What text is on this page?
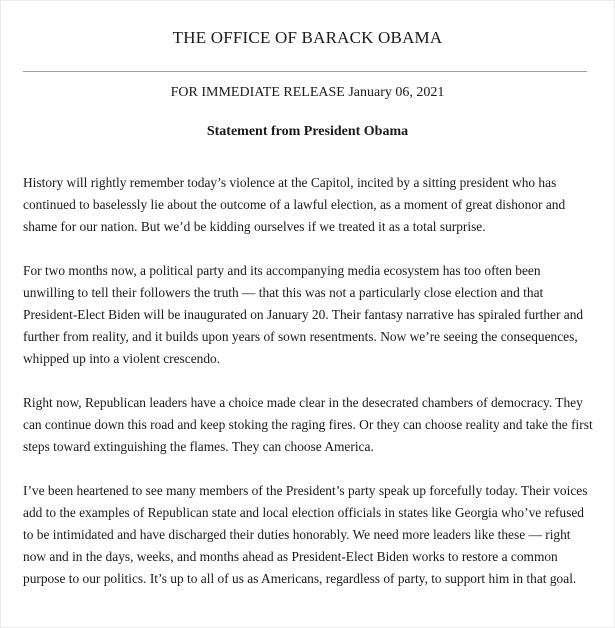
THE OFFICE OF BARACK OBAMA
FOR IMMEDIATE RELEASE January 06, 2021
Statement from President Obama

History will rightly remember today’s violence at the Capitol, incited by a sitting president who has continued to baselessly lie about the outcome of a lawful election, as a moment of great dishonor and shame for our nation. But we’d be kidding ourselves if we treated it as a total surprise.

For two months now, a political party and its accompanying media ecosystem has too often been unwilling to tell their followers the truth — that this was not a particularly close election and that President-Elect Biden will be inaugurated on January 20. Their fantasy narrative has spiraled further and further from reality, and it builds upon years of sown resentments. Now we’re seeing the consequences, whipped up into a violent crescendo.

Right now, Republican leaders have a choice made clear in the desecrated chambers of democracy. They can continue down this road and keep stoking the raging fires. Or they can choose reality and take the first steps toward extinguishing the flames. They can choose America.

I’ve been heartened to see many members of the President’s party speak up forcefully today. Their voices add to the examples of Republican state and local election officials in states like Georgia who’ve refused to be intimidated and have discharged their duties honorably. We need more leaders like these — right now and in the days, weeks, and months ahead as President-Elect Biden works to restore a common purpose to our politics. It’s up to all of us as Americans, regardless of party, to support him in that goal.
